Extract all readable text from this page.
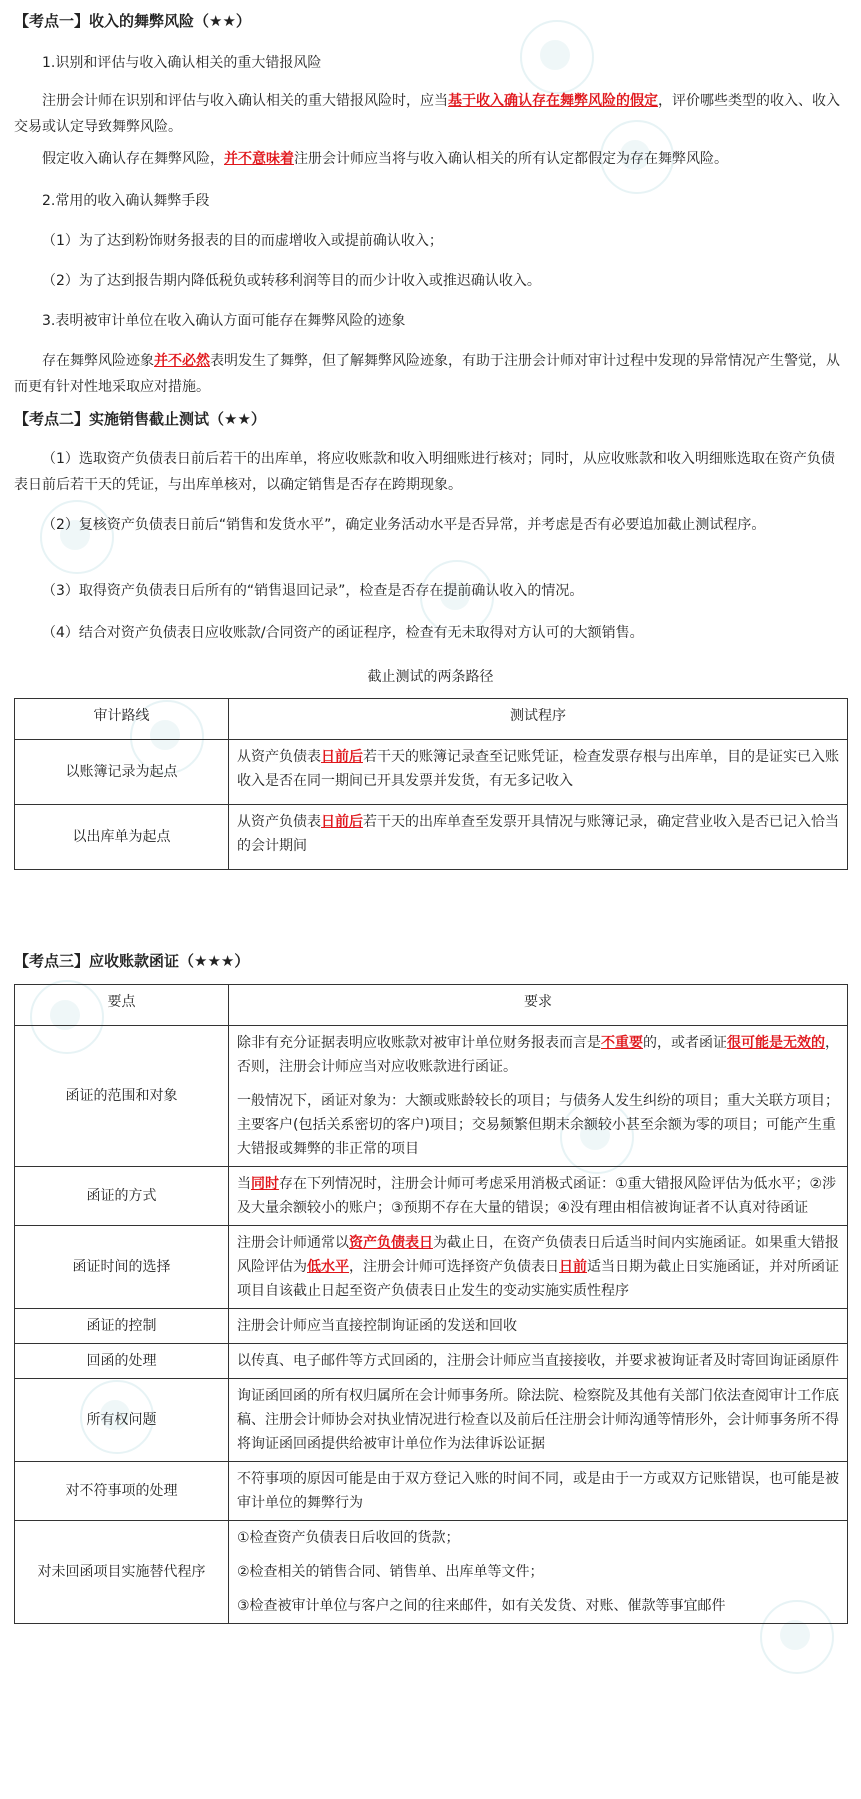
【考点一】收入的舞弊风险（★★）
1.识别和评估与收入确认相关的重大错报风险
注册会计师在识别和评估与收入确认相关的重大错报风险时，应当基于收入确认存在舞弊风险的假定，评价哪些类型的收入、收入交易或认定导致舞弊风险。
假定收入确认存在舞弊风险，并不意味着注册会计师应当将与收入确认相关的所有认定都假定为存在舞弊风险。
2.常用的收入确认舞弊手段
（1）为了达到粉饰财务报表的目的而虚增收入或提前确认收入；
（2）为了达到报告期内降低税负或转移利润等目的而少计收入或推迟确认收入。
3.表明被审计单位在收入确认方面可能存在舞弊风险的迹象
存在舞弊风险迹象并不必然表明发生了舞弊，但了解舞弊风险迹象，有助于注册会计师对审计过程中发现的异常情况产生警觉，从而更有针对性地采取应对措施。
【考点二】实施销售截止测试（★★）
（1）选取资产负债表日前后若干的出库单，将应收账款和收入明细账进行核对；同时，从应收账款和收入明细账选取在资产负债表日前后若干天的凭证，与出库单核对，以确定销售是否存在跨期现象。
（2）复核资产负债表日前后“销售和发货水平”，确定业务活动水平是否异常，并考虑是否有必要追加截止测试程序。
（3）取得资产负债表日后所有的“销售退回记录”，检查是否存在提前确认收入的情况。
（4）结合对资产负债表日应收账款/合同资产的函证程序，检查有无未取得对方认可的大额销售。
截止测试的两条路径
审计路线	测试程序
以账簿记录为起点	从资产负债表日前后若干天的账簿记录查至记账凭证，检查发票存根与出库单，目的是证实已入账收入是否在同一期间已开具发票并发货，有无多记收入
以出库单为起点	从资产负债表日前后若干天的出库单查至发票开具情况与账簿记录，确定营业收入是否已记入恰当的会计期间
【考点三】应收账款函证（★★★）
要点	要求
函证的范围和对象	除非有充分证据表明应收账款对被审计单位财务报表而言是不重要的，或者函证很可能是无效的，否则，注册会计师应当对应收账款进行函证。
一般情况下，函证对象为：大额或账龄较长的项目；与债务人发生纠纷的项目；重大关联方项目；主要客户(包括关系密切的客户)项目；交易频繁但期末余额较小甚至余额为零的项目；可能产生重大错报或舞弊的非正常的项目

函证的方式	当同时存在下列情况时，注册会计师可考虑采用消极式函证：①重大错报风险评估为低水平；②涉及大量余额较小的账户；③预期不存在大量的错误；④没有理由相信被询证者不认真对待函证
函证时间的选择	注册会计师通常以资产负债表日为截止日，在资产负债表日后适当时间内实施函证。如果重大错报风险评估为低水平，注册会计师可选择资产负债表日日前适当日期为截止日实施函证，并对所函证项目自该截止日起至资产负债表日止发生的变动实施实质性程序
函证的控制	注册会计师应当直接控制询证函的发送和回收
回函的处理	以传真、电子邮件等方式回函的，注册会计师应当直接接收，并要求被询证者及时寄回询证函原件
所有权问题	询证函回函的所有权归属所在会计师事务所。除法院、检察院及其他有关部门依法查阅审计工作底稿、注册会计师协会对执业情况进行检查以及前后任注册会计师沟通等情形外，会计师事务所不得将询证函回函提供给被审计单位作为法律诉讼证据
对不符事项的处理	不符事项的原因可能是由于双方登记入账的时间不同，或是由于一方或双方记账错误，也可能是被审计单位的舞弊行为
对未回函项目实施替代程序	①检查资产负债表日后收回的货款；
②检查相关的销售合同、销售单、出库单等文件；
③检查被审计单位与客户之间的往来邮件，如有关发货、对账、催款等事宜邮件
